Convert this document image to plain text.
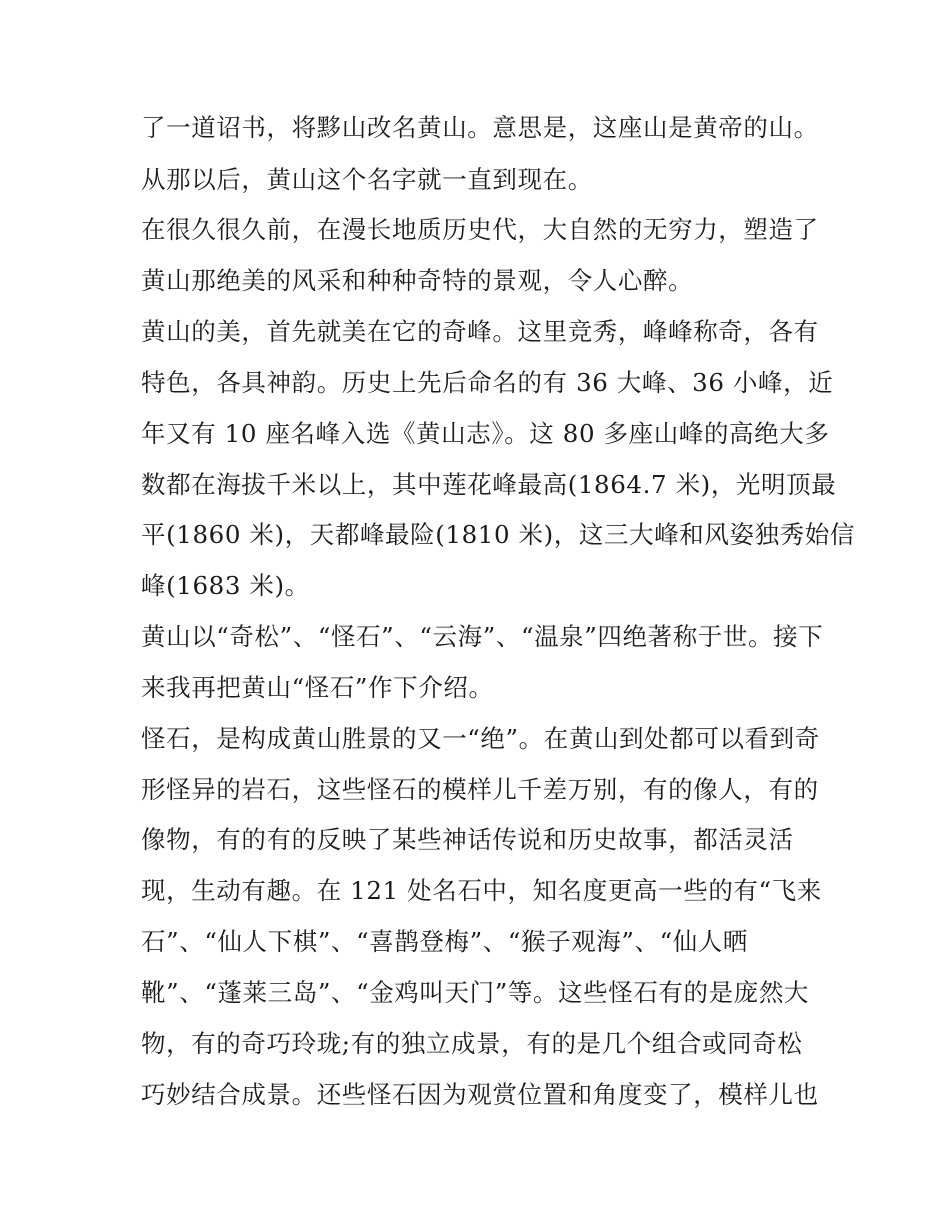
了一道诏书，将黟山改名黄山。意思是，这座山是黄帝的山。
从那以后，黄山这个名字就一直到现在。
在很久很久前，在漫长地质历史代，大自然的无穷力，塑造了
黄山那绝美的风采和种种奇特的景观，令人心醉。
黄山的美，首先就美在它的奇峰。这里竞秀，峰峰称奇，各有
特色，各具神韵。历史上先后命名的有 36 大峰、36 小峰，近
年又有 10 座名峰入选《黄山志》。这 80 多座山峰的高绝大多
数都在海拔千米以上，其中莲花峰最高(1864.7 米)，光明顶最
平(1860 米)，天都峰最险(1810 米)，这三大峰和风姿独秀始信
峰(1683 米)。
黄山以“奇松”、“怪石”、“云海”、“温泉”四绝著称于世。接下
来我再把黄山“怪石”作下介绍。
怪石，是构成黄山胜景的又一“绝”。在黄山到处都可以看到奇
形怪异的岩石，这些怪石的模样儿千差万别，有的像人，有的
像物，有的有的反映了某些神话传说和历史故事，都活灵活
现，生动有趣。在 121 处名石中，知名度更高一些的有“飞来
石”、“仙人下棋”、“喜鹊登梅”、“猴子观海”、“仙人晒
靴”、“蓬莱三岛”、“金鸡叫天门”等。这些怪石有的是庞然大
物，有的奇巧玲珑;有的独立成景，有的是几个组合或同奇松
巧妙结合成景。还些怪石因为观赏位置和角度变了，模样儿也
